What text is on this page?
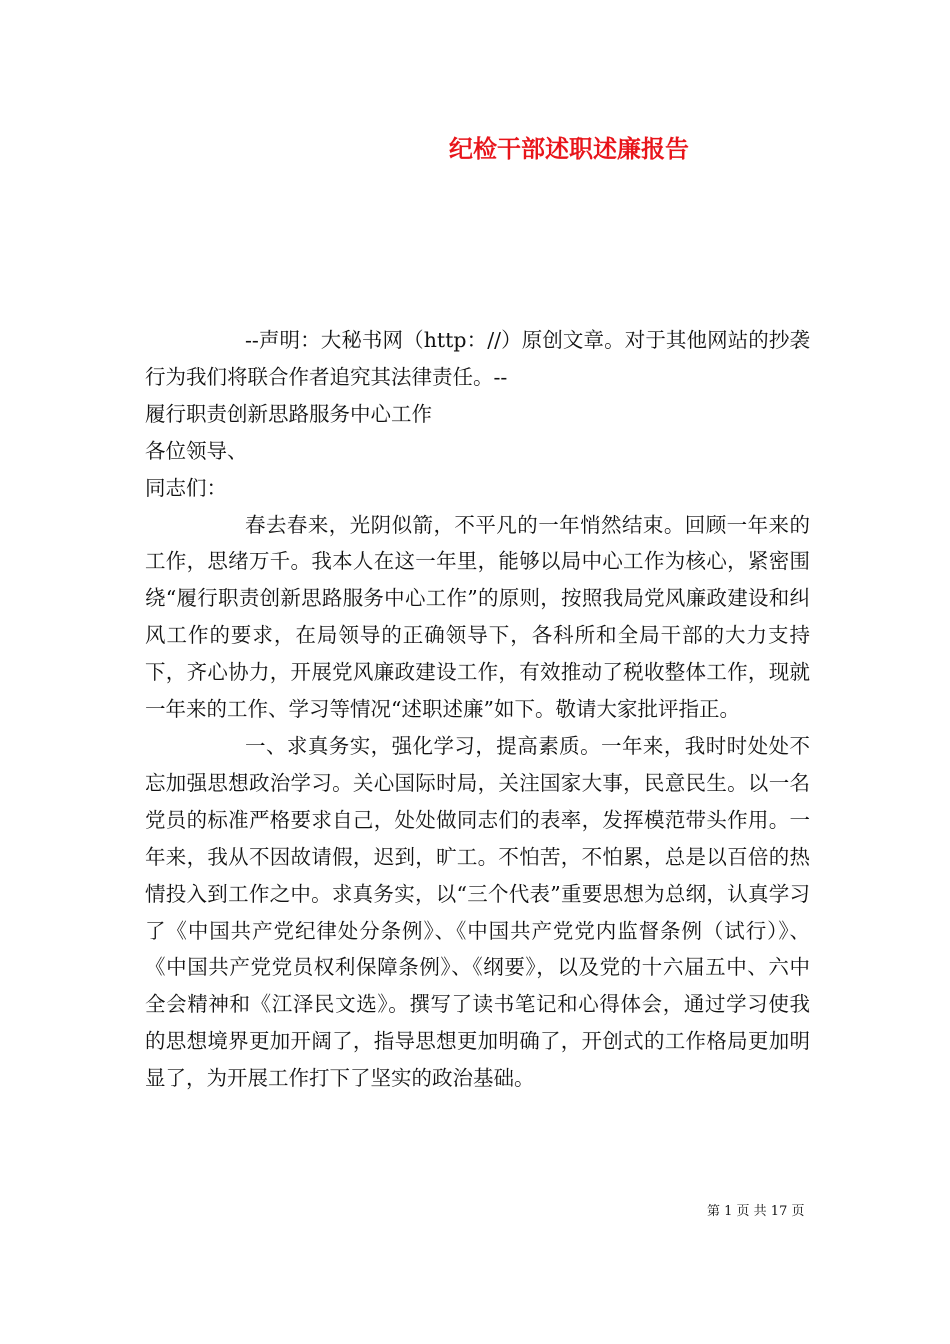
纪检干部述职述廉报告

--声明：大秘书网（http：//）原创文章。对于其他网站的抄袭行为我们将联合作者追究其法律责任。--

履行职责创新思路服务中心工作

各位领导、

同志们：

春去春来，光阴似箭，不平凡的一年悄然结束。回顾一年来的工作，思绪万千。我本人在这一年里，能够以局中心工作为核心，紧密围绕“履行职责创新思路服务中心工作”的原则，按照我局党风廉政建设和纠风工作的要求，在局领导的正确领导下，各科所和全局干部的大力支持下，齐心协力，开展党风廉政建设工作，有效推动了税收整体工作，现就一年来的工作、学习等情况“述职述廉”如下。敬请大家批评指正。

一、求真务实，强化学习，提高素质。一年来，我时时处处不忘加强思想政治学习。关心国际时局，关注国家大事，民意民生。以一名党员的标准严格要求自己，处处做同志们的表率，发挥模范带头作用。一年来，我从不因故请假，迟到，旷工。不怕苦，不怕累，总是以百倍的热情投入到工作之中。求真务实，以“三个代表”重要思想为总纲，认真学习了《中国共产党纪律处分条例》、《中国共产党党内监督条例（试行）》、《中国共产党党员权利保障条例》、《纲要》，以及党的十六届五中、六中全会精神和《江泽民文选》。撰写了读书笔记和心得体会，通过学习使我的思想境界更加开阔了，指导思想更加明确了，开创式的工作格局更加明显了，为开展工作打下了坚实的政治基础。

第 1 页 共 17 页
